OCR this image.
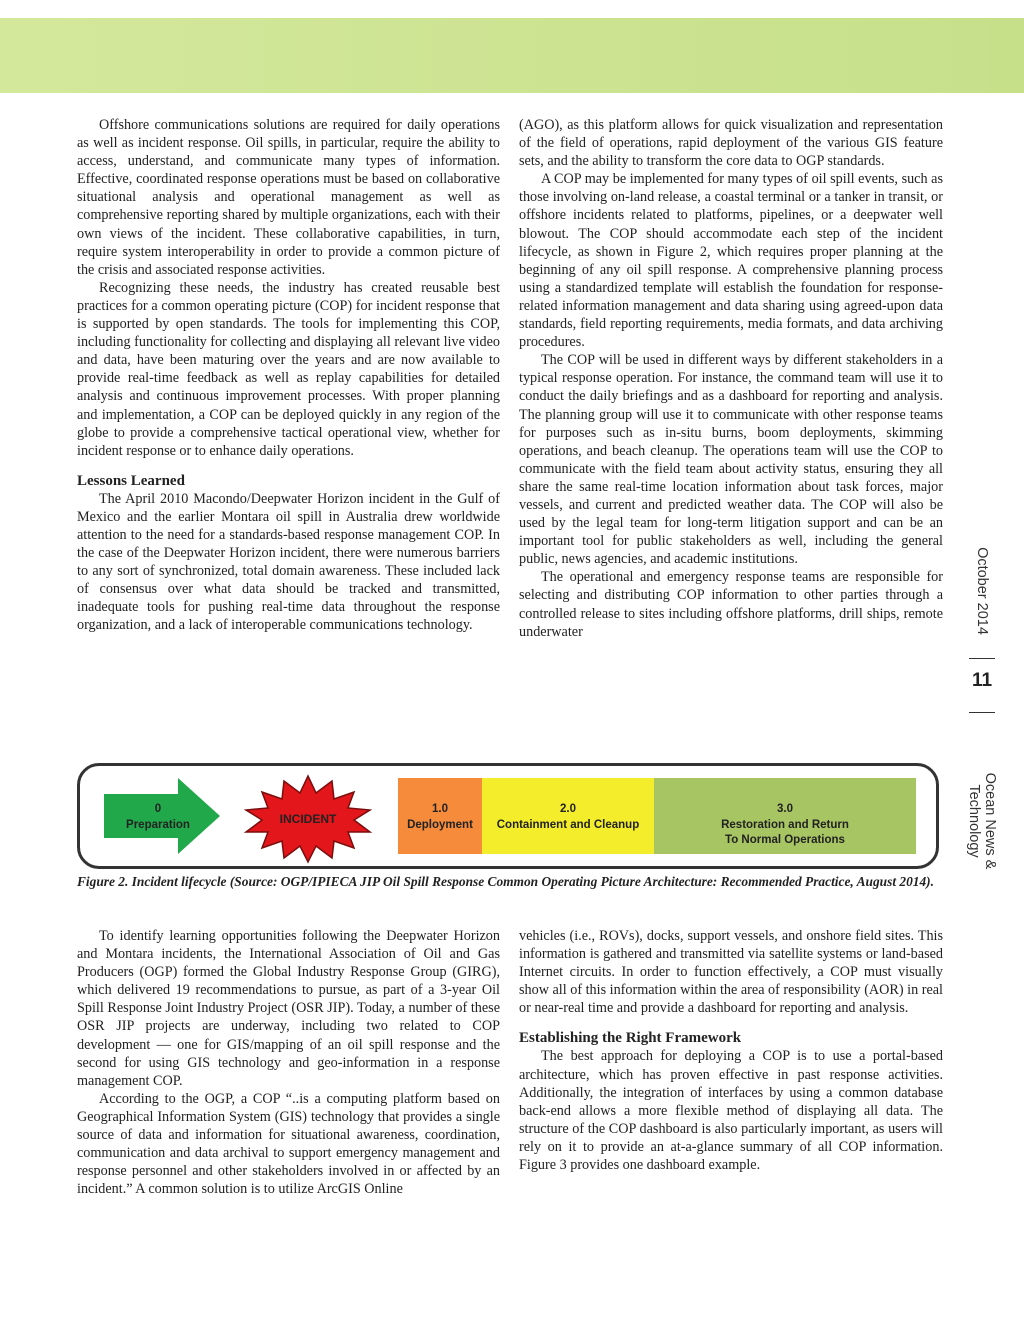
Offshore communications solutions are required for daily operations as well as incident response. Oil spills, in particular, require the ability to access, understand, and communicate many types of information. Effective, coordinated response operations must be based on collaborative situational analysis and operational management as well as comprehensive reporting shared by multiple organizations, each with their own views of the incident. These collaborative capabilities, in turn, require system interoperability in order to provide a common picture of the crisis and associated response activities.

Recognizing these needs, the industry has created reusable best practices for a common operating picture (COP) for incident response that is supported by open standards. The tools for implementing this COP, including functionality for collecting and displaying all relevant live video and data, have been maturing over the years and are now available to provide real-time feedback as well as replay capabilities for detailed analysis and continuous improvement processes. With proper planning and implementation, a COP can be deployed quickly in any region of the globe to provide a comprehensive tactical operational view, whether for incident response or to enhance daily operations.

Lessons Learned

The April 2010 Macondo/Deepwater Horizon incident in the Gulf of Mexico and the earlier Montara oil spill in Australia drew worldwide attention to the need for a standards-based response management COP. In the case of the Deepwater Horizon incident, there were numerous barriers to any sort of synchronized, total domain awareness. These included lack of consensus over what data should be tracked and transmitted, inadequate tools for pushing real-time data throughout the response organization, and a lack of interoperable communications technology.

(AGO), as this platform allows for quick visualization and representation of the field of operations, rapid deployment of the various GIS feature sets, and the ability to transform the core data to OGP standards.

A COP may be implemented for many types of oil spill events, such as those involving on-land release, a coastal terminal or a tanker in transit, or offshore incidents related to platforms, pipelines, or a deepwater well blowout. The COP should accommodate each step of the incident lifecycle, as shown in Figure 2, which requires proper planning at the beginning of any oil spill response. A comprehensive planning process using a standardized template will establish the foundation for response-related information management and data sharing using agreed-upon data standards, field reporting requirements, media formats, and data archiving procedures.

The COP will be used in different ways by different stakeholders in a typical response operation. For instance, the command team will use it to conduct the daily briefings and as a dashboard for reporting and analysis. The planning group will use it to communicate with other response teams for purposes such as in-situ burns, boom deployments, skimming operations, and beach cleanup. The operations team will use the COP to communicate with the field team about activity status, ensuring they all share the same real-time location information about task forces, major vessels, and current and predicted weather data. The COP will also be used by the legal team for long-term litigation support and can be an important tool for public stakeholders as well, including the general public, news agencies, and academic institutions.

The operational and emergency response teams are responsible for selecting and distributing COP information to other parties through a controlled release to sites including offshore platforms, drill ships, remote underwater	October 2014
11
Ocean News & Technology
0
Preparation	INCIDENT
1.0
Deployment
2.0
Containment and Cleanup
3.0
Restoration and Return
To Normal Operations
Figure 2. Incident lifecycle (Source: OGP/IPIECA JIP Oil Spill Response Common Operating Picture Architecture: Recommended Practice, August 2014).

To identify learning opportunities following the Deepwater Horizon and Montara incidents, the International Association of Oil and Gas Producers (OGP) formed the Global Industry Response Group (GIRG), which delivered 19 recommendations to pursue, as part of a 3-year Oil Spill Response Joint Industry Project (OSR JIP). Today, a number of these OSR JIP projects are underway, including two related to COP development — one for GIS/mapping of an oil spill response and the second for using GIS technology and geo-information in a response management COP.

According to the OGP, a COP “..is a computing platform based on Geographical Information System (GIS) technology that provides a single source of data and information for situational awareness, coordination, communication and data archival to support emergency management and response personnel and other stakeholders involved in or affected by an incident.” A common solution is to utilize ArcGIS Online

vehicles (i.e., ROVs), docks, support vessels, and onshore field sites. This information is gathered and transmitted via satellite systems or land-based Internet circuits. In order to function effectively, a COP must visually show all of this information within the area of responsibility (AOR) in real or near-real time and provide a dashboard for reporting and analysis.

Establishing the Right Framework

The best approach for deploying a COP is to use a portal-based architecture, which has proven effective in past response activities. Additionally, the integration of interfaces by using a common database back-end allows a more flexible method of displaying all data. The structure of the COP dashboard is also particularly important, as users will rely on it to provide an at-a-glance summary of all COP information. Figure 3 provides one dashboard example.
